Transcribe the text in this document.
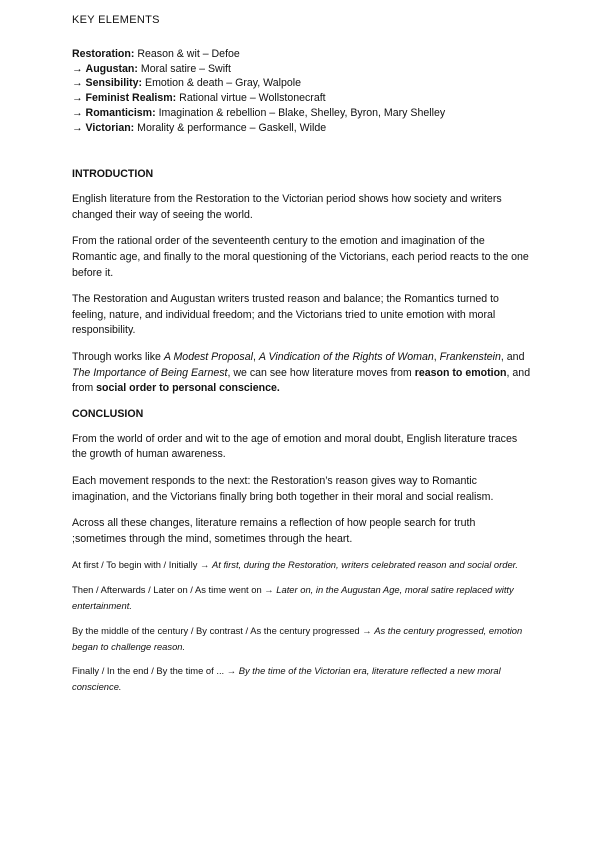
KEY ELEMENTS
Restoration: Reason & wit – Defoe
→ Augustan: Moral satire – Swift
→ Sensibility: Emotion & death – Gray, Walpole
→ Feminist Realism: Rational virtue – Wollstonecraft
→ Romanticism: Imagination & rebellion – Blake, Shelley, Byron, Mary Shelley
→ Victorian: Morality & performance – Gaskell, Wilde
INTRODUCTION

English literature from the Restoration to the Victorian period shows how society and writers changed their way of seeing the world.

From the rational order of the seventeenth century to the emotion and imagination of the Romantic age, and finally to the moral questioning of the Victorians, each period reacts to the one before it.

The Restoration and Augustan writers trusted reason and balance; the Romantics turned to feeling, nature, and individual freedom; and the Victorians tried to unite emotion with moral responsibility.

Through works like A Modest Proposal, A Vindication of the Rights of Woman, Frankenstein, and The Importance of Being Earnest, we can see how literature moves from reason to emotion, and from social order to personal conscience.

CONCLUSION

From the world of order and wit to the age of emotion and moral doubt, English literature traces the growth of human awareness.

Each movement responds to the next: the Restoration’s reason gives way to Romantic imagination, and the Victorians finally bring both together in their moral and social realism.

Across all these changes, literature remains a reflection of how people search for truth ;sometimes through the mind, sometimes through the heart.

At first / To begin with / Initially → At first, during the Restoration, writers celebrated reason and social order.
Then / Afterwards / Later on / As time went on → Later on, in the Augustan Age, moral satire replaced witty entertainment.
By the middle of the century / By contrast / As the century progressed → As the century progressed, emotion began to challenge reason.
Finally / In the end / By the time of ... → By the time of the Victorian era, literature reflected a new moral conscience.
